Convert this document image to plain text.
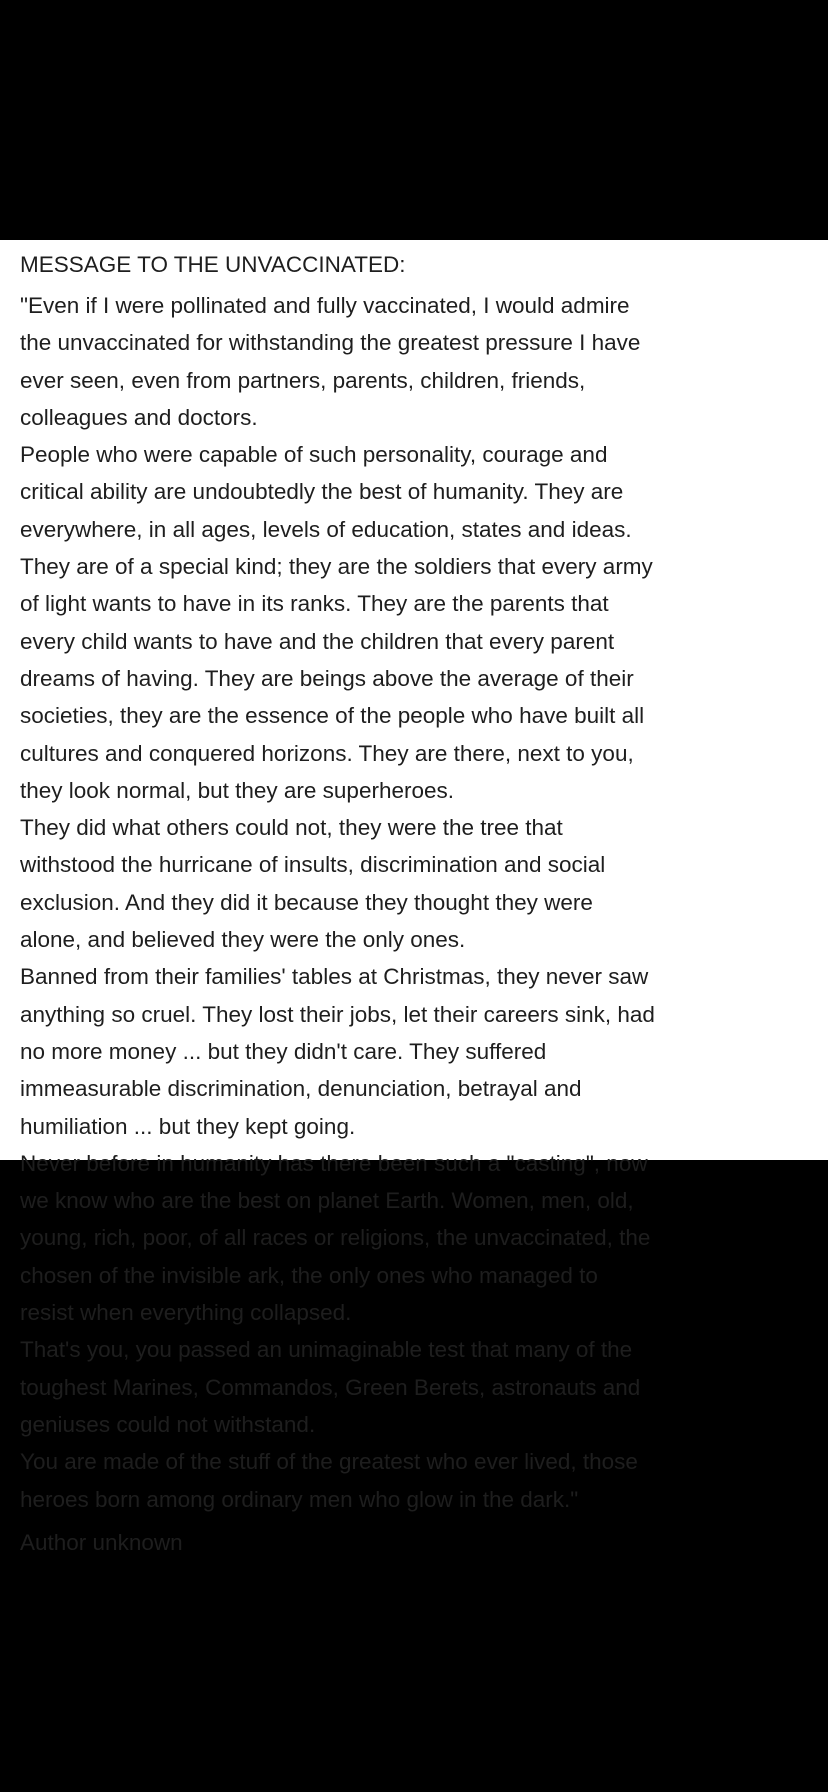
MESSAGE TO THE UNVACCINATED:
"Even if I were pollinated and fully vaccinated, I would admire
the unvaccinated for withstanding the greatest pressure I have
ever seen, even from partners, parents, children, friends,
colleagues and doctors.
People who were capable of such personality, courage and
critical ability are undoubtedly the best of humanity. They are
everywhere, in all ages, levels of education, states and ideas.
They are of a special kind; they are the soldiers that every army
of light wants to have in its ranks. They are the parents that
every child wants to have and the children that every parent
dreams of having. They are beings above the average of their
societies, they are the essence of the people who have built all
cultures and conquered horizons. They are there, next to you,
they look normal, but they are superheroes.
They did what others could not, they were the tree that
withstood the hurricane of insults, discrimination and social
exclusion. And they did it because they thought they were
alone, and believed they were the only ones.
Banned from their families' tables at Christmas, they never saw
anything so cruel. They lost their jobs, let their careers sink, had
no more money ... but they didn't care. They suffered
immeasurable discrimination, denunciation, betrayal and
humiliation ... but they kept going.
Never before in humanity has there been such a "casting", now
we know who are the best on planet Earth. Women, men, old,
young, rich, poor, of all races or religions, the unvaccinated, the
chosen of the invisible ark, the only ones who managed to
resist when everything collapsed.
That's you, you passed an unimaginable test that many of the
toughest Marines, Commandos, Green Berets, astronauts and
geniuses could not withstand.
You are made of the stuff of the greatest who ever lived, those
heroes born among ordinary men who glow in the dark."
Author unknown
